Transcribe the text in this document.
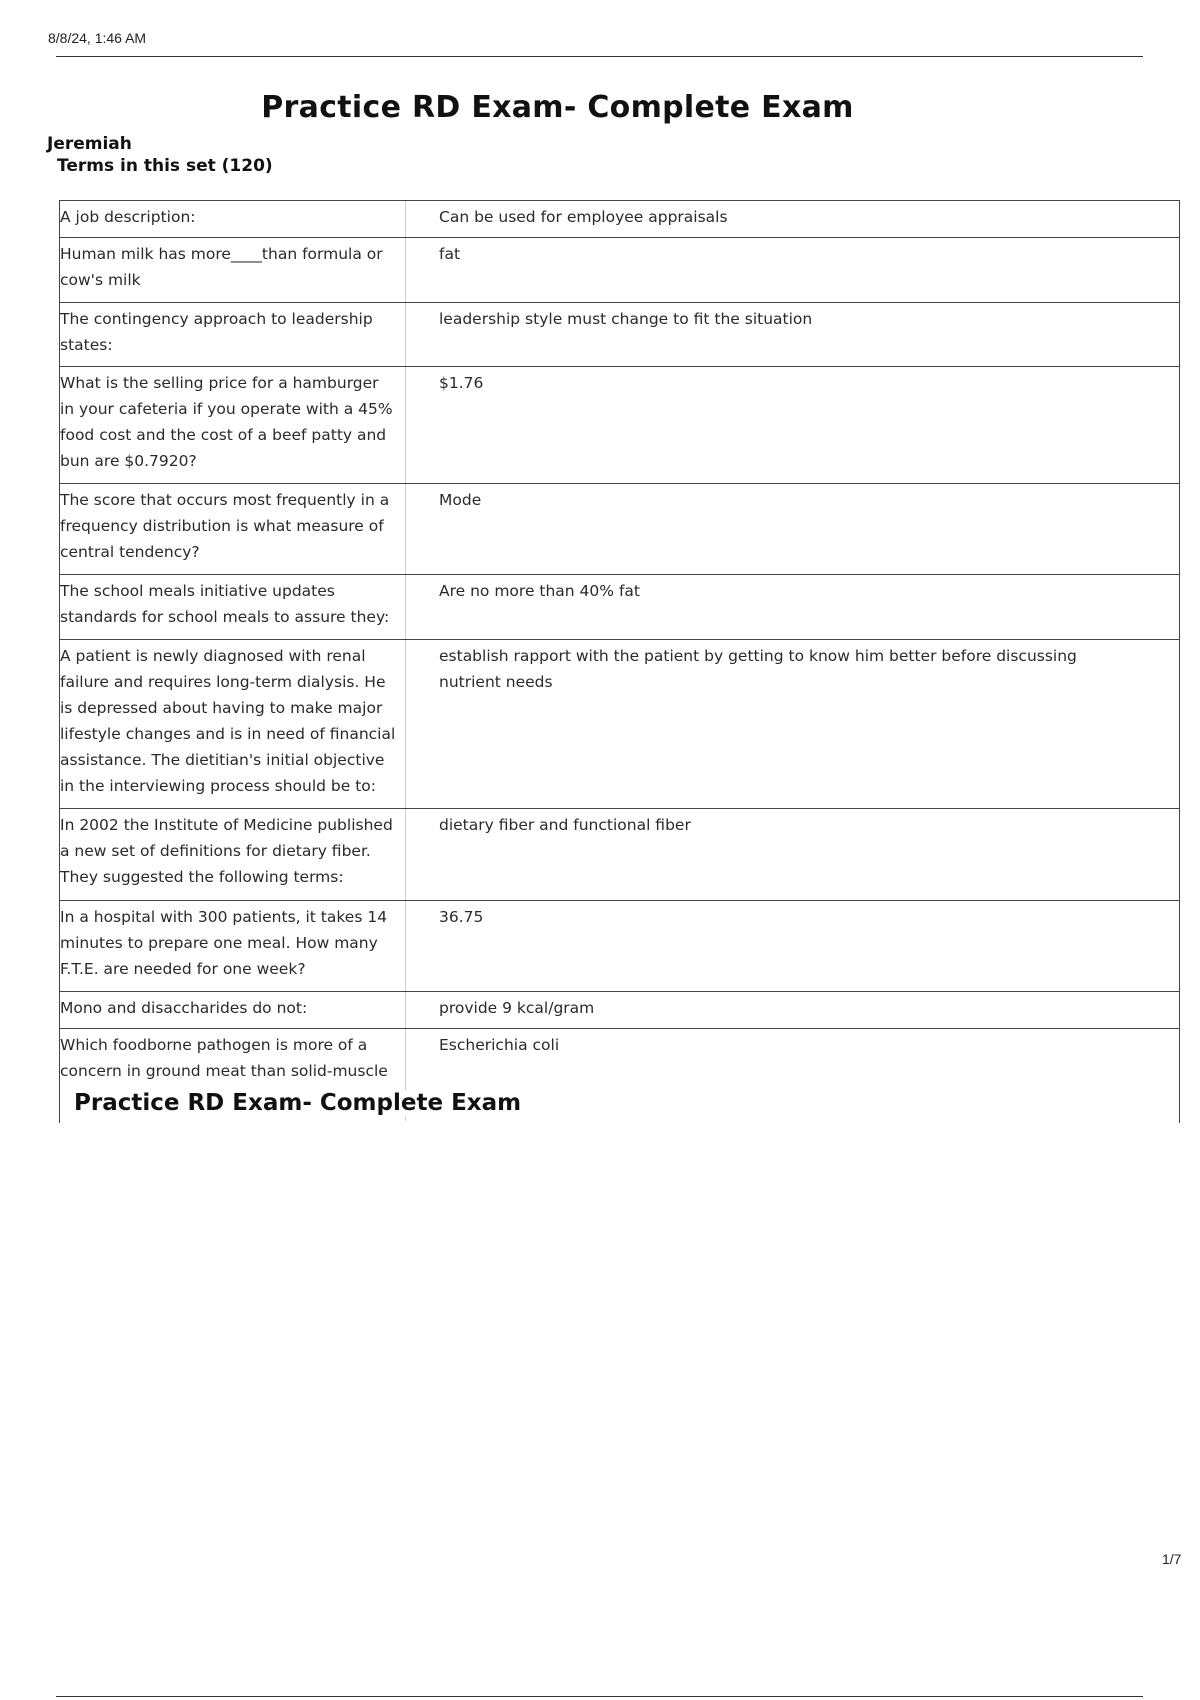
8/8/24, 1:46 AM
Practice RD Exam- Complete Exam
Jeremiah
Terms in this set (120)
A job description:	Can be used for employee appraisals
Human milk has more____than formula or cow's milk
fat
The contingency approach to leadership states:
leadership style must change to fit the situation
What is the selling price for a hamburger in your cafeteria if you operate with a 45% food cost and the cost of a beef patty and bun are $0.7920?
$1.76
The score that occurs most frequently in a frequency distribution is what measure of central tendency?
Mode
The school meals initiative updates standards for school meals to assure they:
Are no more than 40% fat
A patient is newly diagnosed with renal failure and requires long-term dialysis. He is depressed about having to make major lifestyle changes and is in need of financial assistance. The dietitian's initial objective in the interviewing process should be to:
establish rapport with the patient by getting to know him better before discussing nutrient needs
In 2002 the Institute of Medicine published a new set of definitions for dietary fiber. They suggested the following terms:
dietary fiber and functional fiber
In a hospital with 300 patients, it takes 14 minutes to prepare one meal. How many F.T.E. are needed for one week?
36.75
Mono and disaccharides do not:	provide 9 kcal/gram
Which foodborne pathogen is more of a concern in ground meat than solid-muscle
Escherichia coli
Practice RD Exam- Complete Exam
1/7
